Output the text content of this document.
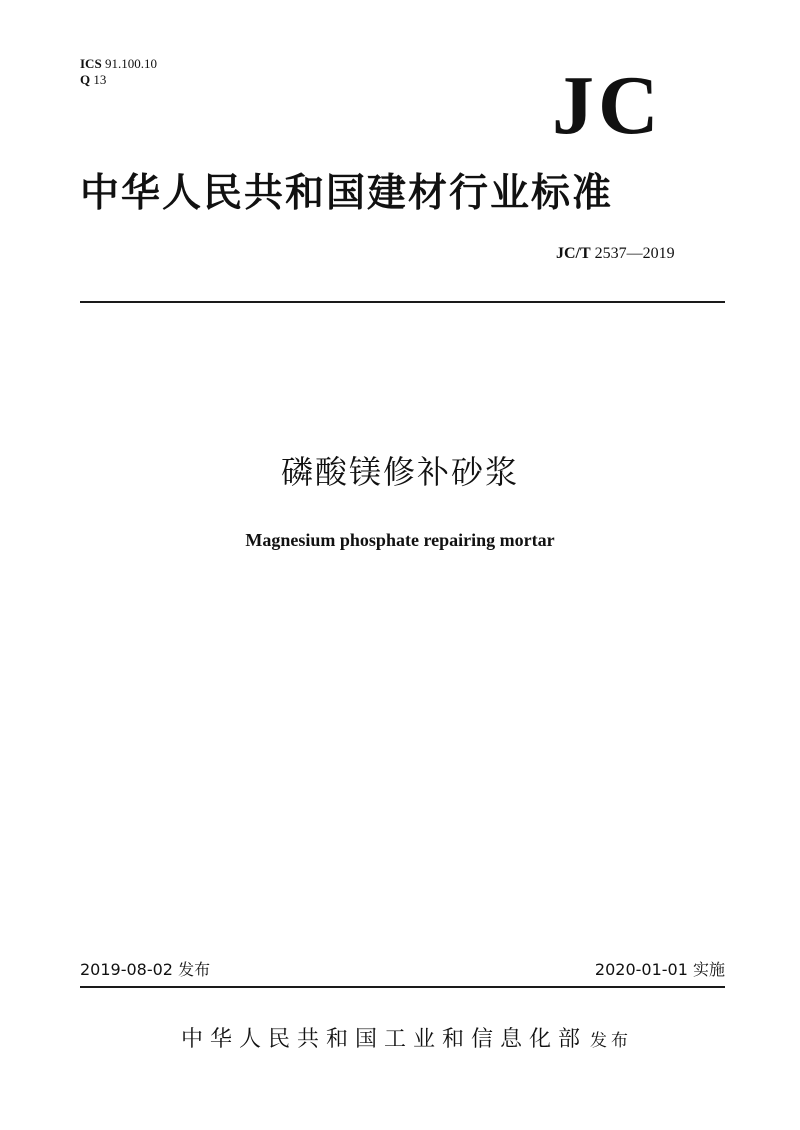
ICS 91.100.10
Q 13	JC
中华人民共和国建材行业标准
JC/T 2537—2019
磷酸镁修补砂浆
Magnesium phosphate repairing mortar
2019-08-02 发布	2020-01-01 实施
中华人民共和国工业和信息化部 发布
